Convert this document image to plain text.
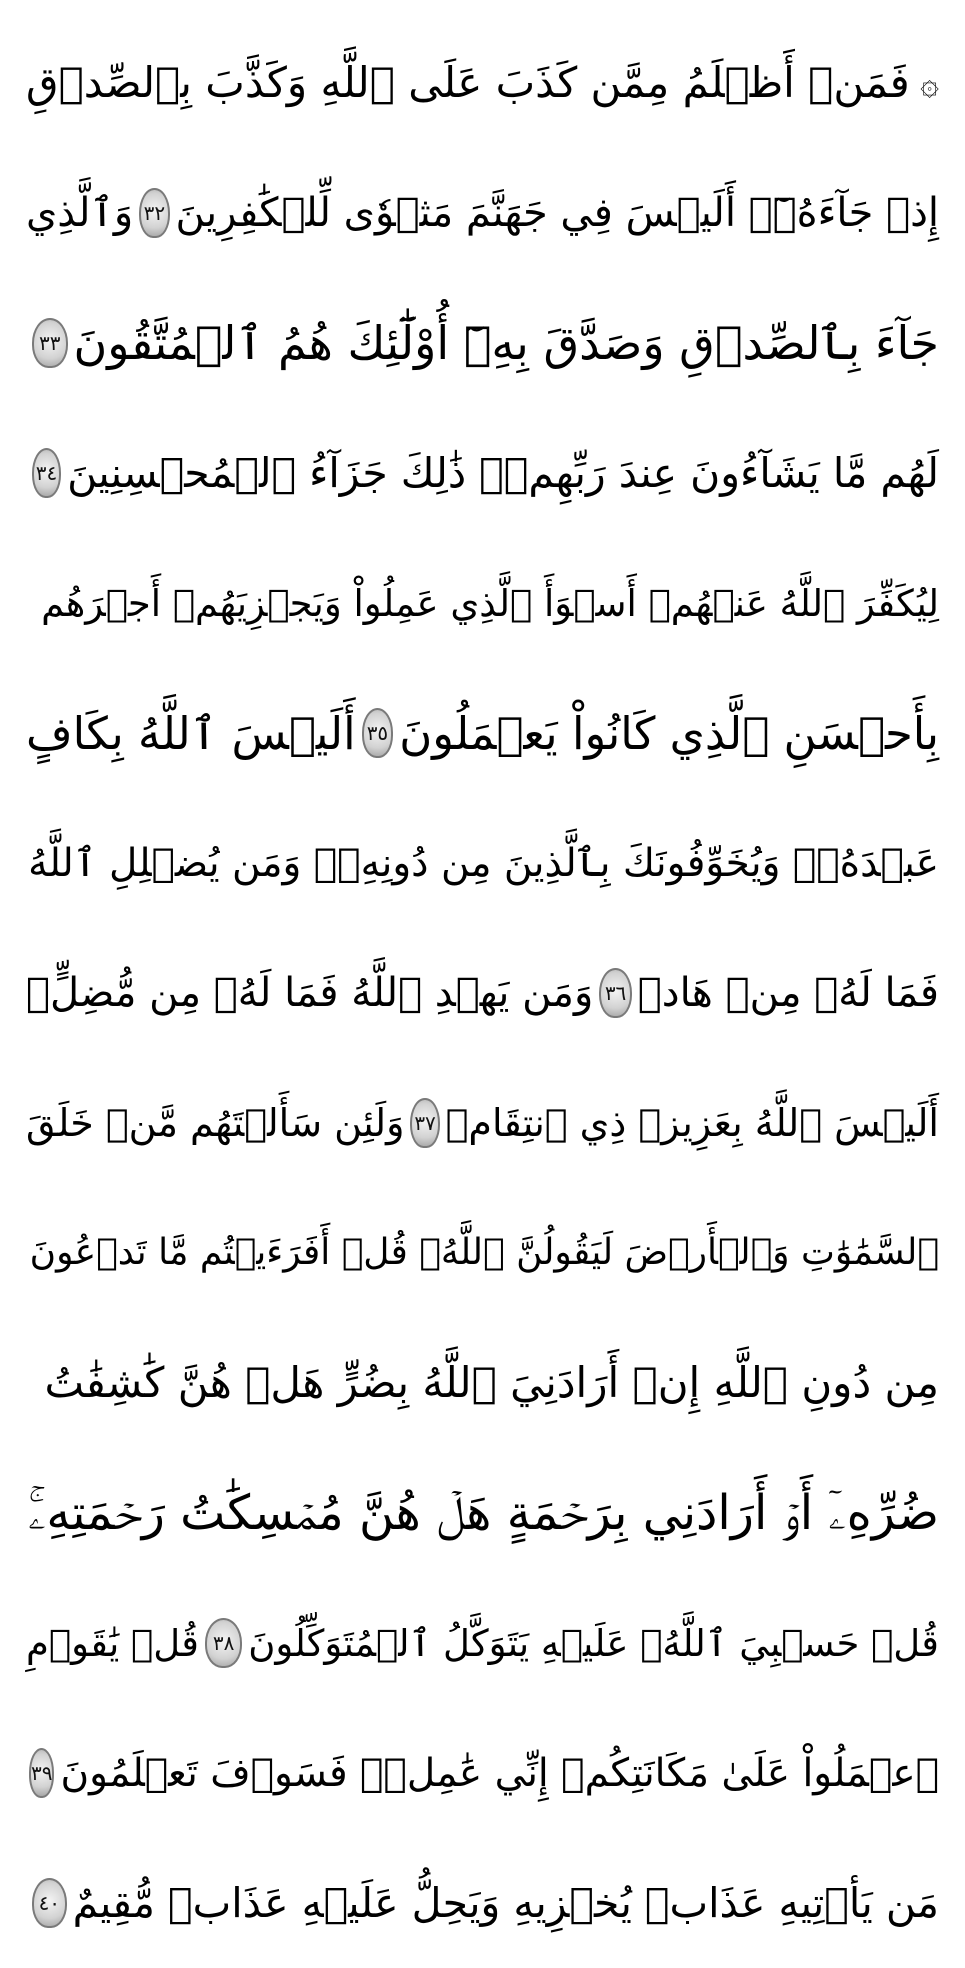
۞
فَمَنۡ أَظۡلَمُ مِمَّن كَذَبَ عَلَى ٱللَّهِ وَكَذَّبَ بِٱلصِّدۡقِ
إِذۡ جَآءَهُۥٓۚ أَلَيۡسَ فِي جَهَنَّمَ مَثۡوٗى لِّلۡكَٰفِرِينَ
٣٢
وَٱلَّذِي
جَآءَ بِٱلصِّدۡقِ وَصَدَّقَ بِهِۦٓ أُوْلَٰٓئِكَ هُمُ ٱلۡمُتَّقُونَ
٣٣
لَهُم مَّا يَشَآءُونَ عِندَ رَبِّهِمۡۚ ذَٰلِكَ جَزَآءُ ٱلۡمُحۡسِنِينَ
٣٤
لِيُكَفِّرَ ٱللَّهُ عَنۡهُمۡ أَسۡوَأَ ٱلَّذِي عَمِلُواْ وَيَجۡزِيَهُمۡ أَجۡرَهُم
بِأَحۡسَنِ ٱلَّذِي كَانُواْ يَعۡمَلُونَ
٣٥
أَلَيۡسَ ٱللَّهُ بِكَافٍ
عَبۡدَهُۥۖ وَيُخَوِّفُونَكَ بِٱلَّذِينَ مِن دُونِهِۦۚ وَمَن يُضۡلِلِ ٱللَّهُ
فَمَا لَهُۥ مِنۡ هَادٖ
٣٦
وَمَن يَهۡدِ ٱللَّهُ فَمَا لَهُۥ مِن مُّضِلٍّۗ
أَلَيۡسَ ٱللَّهُ بِعَزِيزٖ ذِي ٱنتِقَامٖ
٣٧
وَلَئِن سَأَلۡتَهُم مَّنۡ خَلَقَ
ٱلسَّمَٰوَٰتِ وَٱلۡأَرۡضَ لَيَقُولُنَّ ٱللَّهُۚ قُلۡ أَفَرَءَيۡتُم مَّا تَدۡعُونَ
مِن دُونِ ٱللَّهِ إِنۡ أَرَادَنِيَ ٱللَّهُ بِضُرٍّ هَلۡ هُنَّ كَٰشِفَٰتُ
ضُرِّهِۦٓ أَوۡ أَرَادَنِي بِرَحۡمَةٍ هَلۡ هُنَّ مُمۡسِكَٰتُ رَحۡمَتِهِۦۚ
قُلۡ حَسۡبِيَ ٱللَّهُۖ عَلَيۡهِ يَتَوَكَّلُ ٱلۡمُتَوَكِّلُونَ
٣٨
قُلۡ يَٰقَوۡمِ
ٱعۡمَلُواْ عَلَىٰ مَكَانَتِكُمۡ إِنِّي عَٰمِلٞۖ فَسَوۡفَ تَعۡلَمُونَ
٣٩
مَن يَأۡتِيهِ عَذَابٞ يُخۡزِيهِ وَيَحِلُّ عَلَيۡهِ عَذَابٞ مُّقِيمٌ
٤٠
